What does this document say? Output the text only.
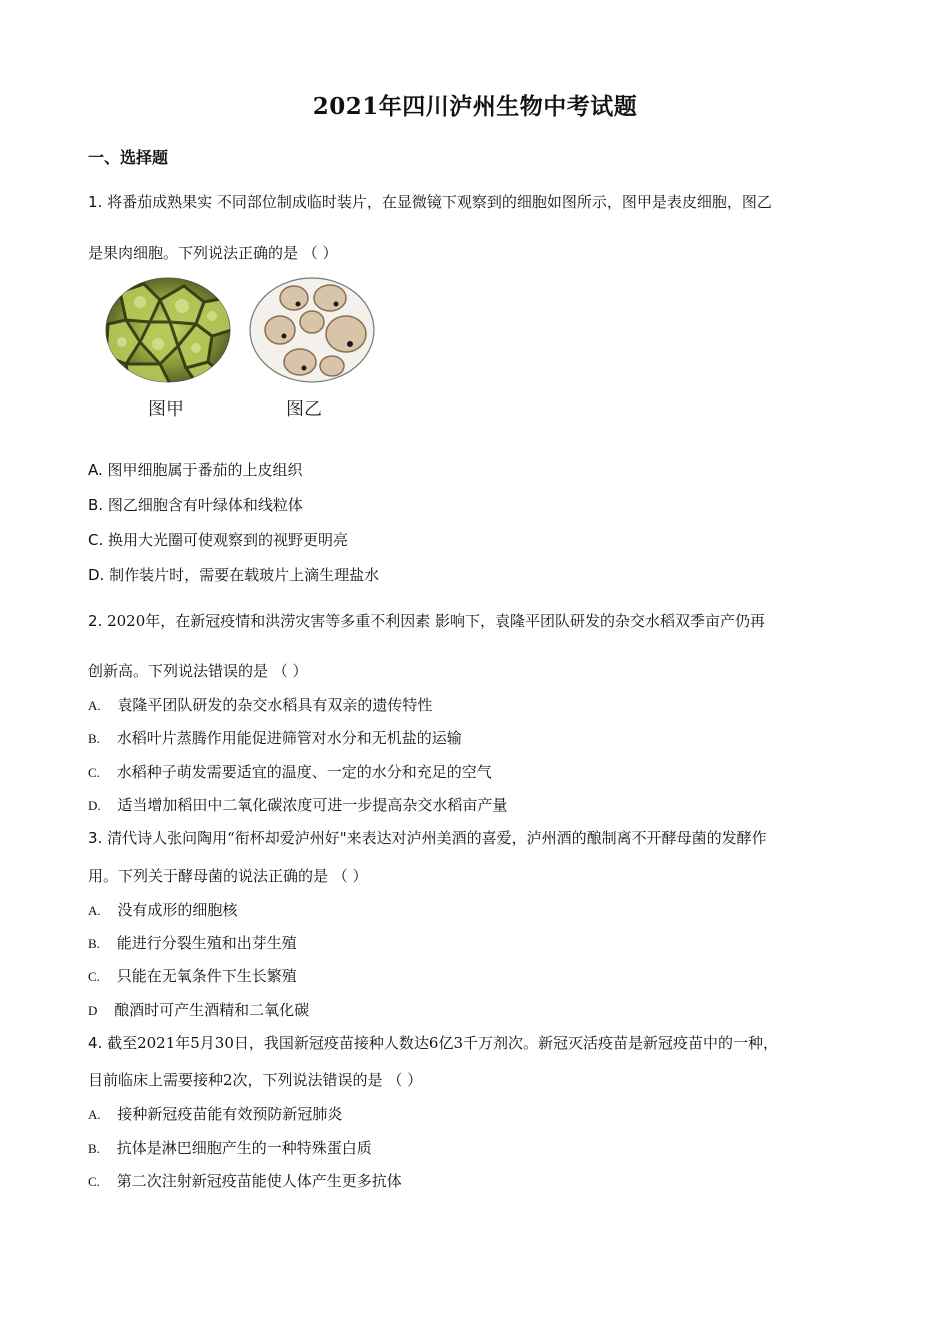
2021年四川泸州生物中考试题
一、选择题
1. 将番茄成熟果实 不同部位制成临时装片，在显微镜下观察到的细胞如图所示，图甲是表皮细胞，图乙
是果肉细胞。下列说法正确的是 （ ）
图甲	图乙
A. 图甲细胞属于番茄的上皮组织
B. 图乙细胞含有叶绿体和线粒体
C. 换用大光圈可使观察到的视野更明亮
D. 制作装片时，需要在载玻片上滴生理盐水
2. 2020年，在新冠疫情和洪涝灾害等多重不利因素 影响下，袁隆平团队研发的杂交水稻双季亩产仍再
创新高。下列说法错误的是 （ ）
A. 袁隆平团队研发的杂交水稻具有双亲的遗传特性
B. 水稻叶片蒸腾作用能促进筛管对水分和无机盐的运输
C. 水稻种子萌发需要适宜的温度、一定的水分和充足的空气
D. 适当增加稻田中二氧化碳浓度可进一步提高杂交水稻亩产量
3. 清代诗人张问陶用“衔杯却爱泸州好"来表达对泸州美酒的喜爱，泸州酒的酿制离不开酵母菌的发酵作
用。下列关于酵母菌的说法正确的是 （ ）
A. 没有成形的细胞核
B. 能进行分裂生殖和出芽生殖
C. 只能在无氧条件下生长繁殖
D 酿酒时可产生酒精和二氧化碳
4. 截至2021年5月30日，我国新冠疫苗接种人数达6亿3千万剂次。新冠灭活疫苗是新冠疫苗中的一种，
目前临床上需要接种2次，下列说法错误的是 （ ）
A. 接种新冠疫苗能有效预防新冠肺炎
B. 抗体是淋巴细胞产生的一种特殊蛋白质
C. 第二次注射新冠疫苗能使人体产生更多抗体
